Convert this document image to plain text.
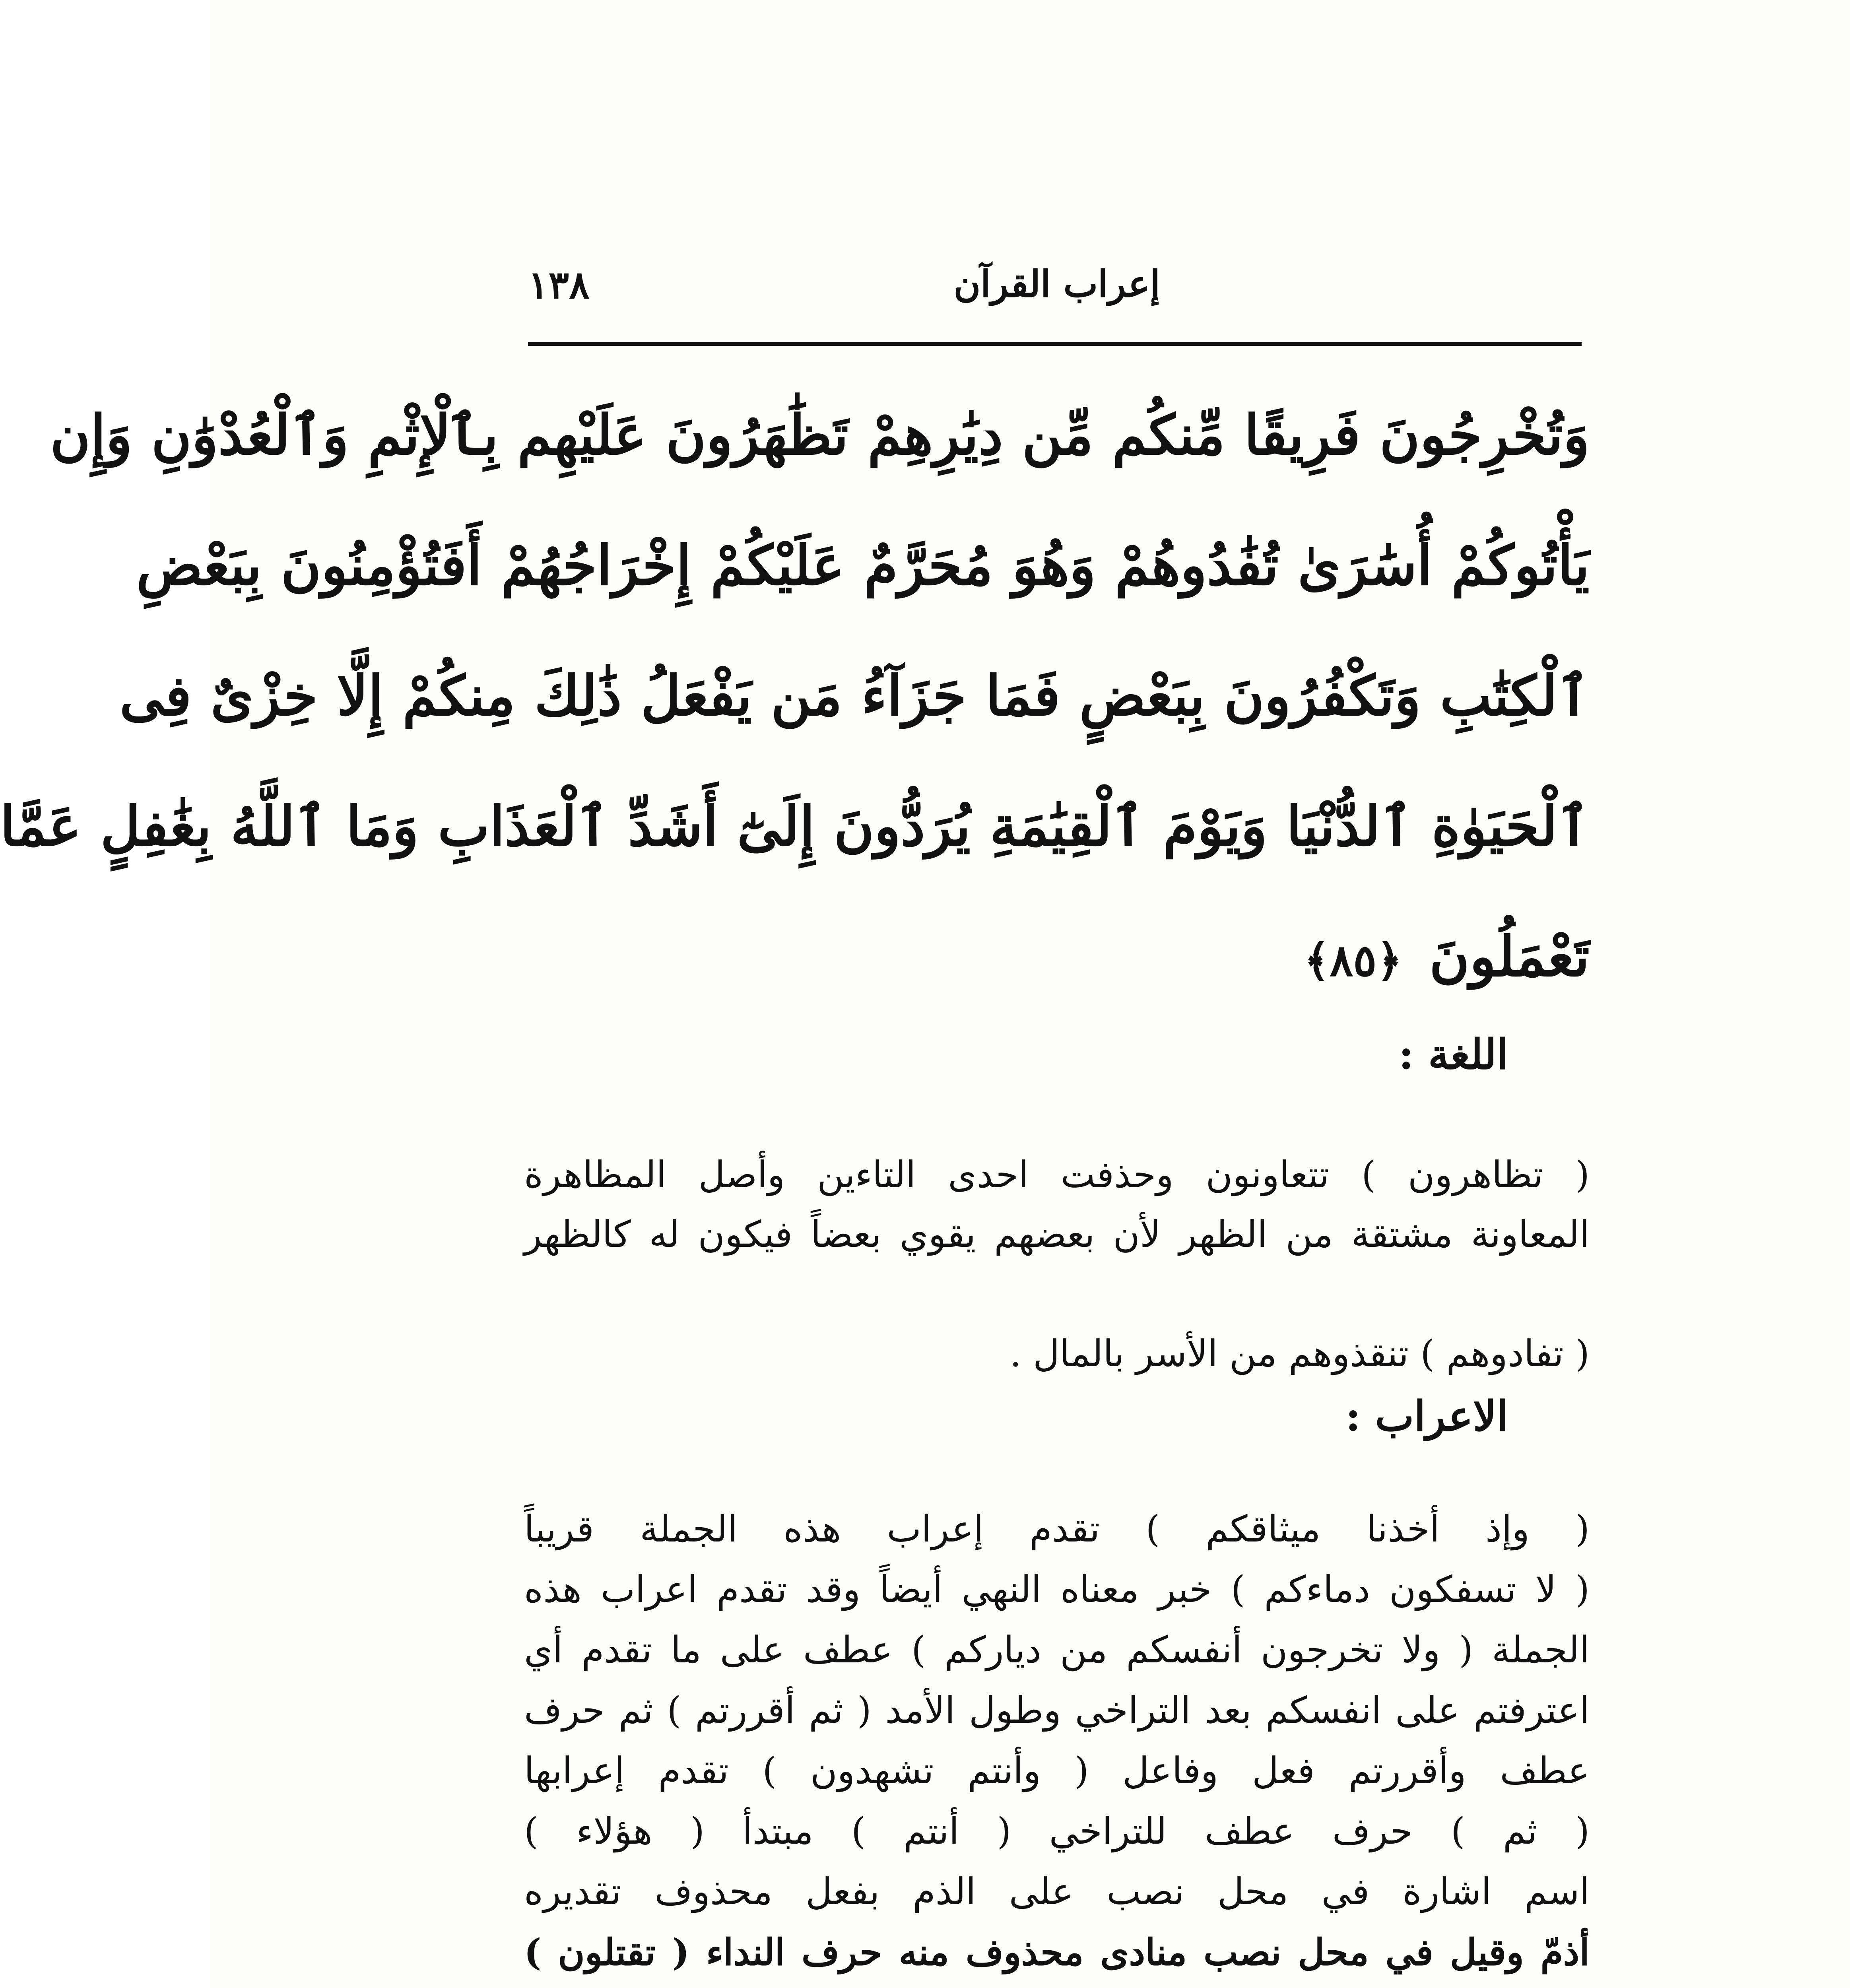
١٣٨	إعراب القرآن
وَتُخْرِجُونَ فَرِيقًا مِّنكُم مِّن دِيَٰرِهِمْ تَظَٰهَرُونَ عَلَيْهِم بِٱلْإِثْمِ وَٱلْعُدْوَٰنِ وَإِن
يَأْتُوكُمْ أُسَٰرَىٰ تُفَٰدُوهُمْ وَهُوَ مُحَرَّمٌ عَلَيْكُمْ إِخْرَاجُهُمْ أَفَتُؤْمِنُونَ بِبَعْضِ
ٱلْكِتَٰبِ وَتَكْفُرُونَ بِبَعْضٍ فَمَا جَزَآءُ مَن يَفْعَلُ ذَٰلِكَ مِنكُمْ إِلَّا خِزْىٌ فِى
ٱلْحَيَوٰةِ ٱلدُّنْيَا وَيَوْمَ ٱلْقِيَٰمَةِ يُرَدُّونَ إِلَىٰٓ أَشَدِّ ٱلْعَذَابِ وَمَا ٱللَّهُ بِغَٰفِلٍ عَمَّا
تَعْمَلُونَ ﴿٨٥﴾
اللغة :
( تظاهرون ) تتعاونون وحذفت احدى التاءين وأصل المظاهرة
المعاونة مشتقة من الظهر لأن بعضهم يقوي بعضاً فيكون له كالظهر
( تفادوهم ) تنقذوهم من الأسر بالمال .
الاعراب :
( وإذ أخذنا ميثاقكم ) تقدم إعراب هذه الجملة قريباً
( لا تسفكون دماءكم ) خبر معناه النهي أيضاً وقد تقدم اعراب هذه
الجملة ( ولا تخرجون أنفسكم من دياركم ) عطف على ما تقدم أي
اعترفتم على انفسكم بعد التراخي وطول الأمد ( ثم أقررتم ) ثم حرف
عطف وأقررتم فعل وفاعل ( وأنتم تشهدون ) تقدم إعرابها
( ثم ) حرف عطف للتراخي ( أنتم ) مبتدأ ( هؤلاء )
اسم اشارة في محل نصب على الذم بفعل محذوف تقديره
أذمّ وقيل في محل نصب منادى محذوف منه حرف النداء ( تقتلون )
